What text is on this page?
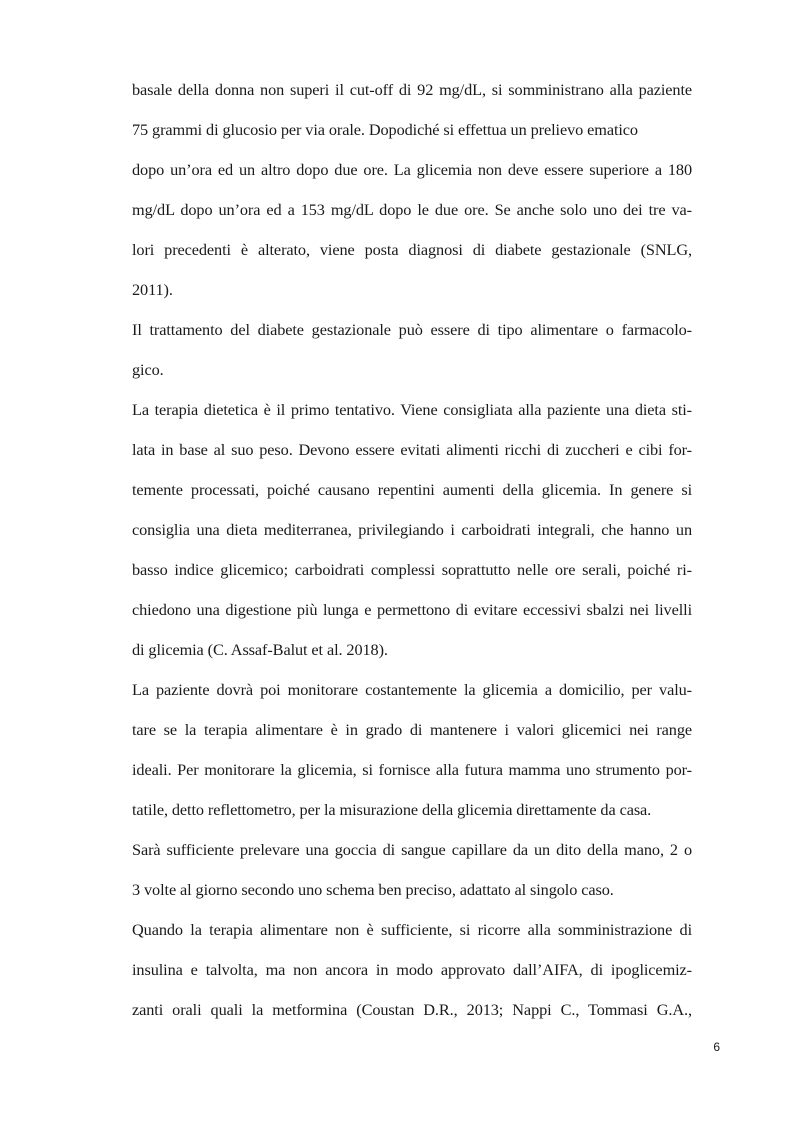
basale della donna non superi il cut-off di 92 mg/dL, si somministrano alla paziente
75 grammi di glucosio per via orale. Dopodiché si effettua un prelievo ematico
dopo un’ora ed un altro dopo due ore. La glicemia non deve essere superiore a 180
mg/dL dopo un’ora ed a 153 mg/dL dopo le due ore. Se anche solo uno dei tre va-
lori precedenti è alterato, viene posta diagnosi di diabete gestazionale (SNLG,
2011).
Il trattamento del diabete gestazionale può essere di tipo alimentare o farmacolo-
gico.
La terapia dietetica è il primo tentativo. Viene consigliata alla paziente una dieta sti-
lata in base al suo peso. Devono essere evitati alimenti ricchi di zuccheri e cibi for-
temente processati, poiché causano repentini aumenti della glicemia. In genere si
consiglia una dieta mediterranea, privilegiando i carboidrati integrali, che hanno un
basso indice glicemico; carboidrati complessi soprattutto nelle ore serali, poiché ri-
chiedono una digestione più lunga e permettono di evitare eccessivi sbalzi nei livelli
di glicemia (C. Assaf-Balut et al. 2018).
La paziente dovrà poi monitorare costantemente la glicemia a domicilio, per valu-
tare se la terapia alimentare è in grado di mantenere i valori glicemici nei range
ideali. Per monitorare la glicemia, si fornisce alla futura mamma uno strumento por-
tatile, detto reflettometro, per la misurazione della glicemia direttamente da casa.
Sarà sufficiente prelevare una goccia di sangue capillare da un dito della mano, 2 o
3 volte al giorno secondo uno schema ben preciso, adattato al singolo caso.
Quando la terapia alimentare non è sufficiente, si ricorre alla somministrazione di
insulina e talvolta, ma non ancora in modo approvato dall’AIFA, di ipoglicemiz-
zanti orali quali la metformina (Coustan D.R., 2013; Nappi C., Tommasi G.A.,
6
